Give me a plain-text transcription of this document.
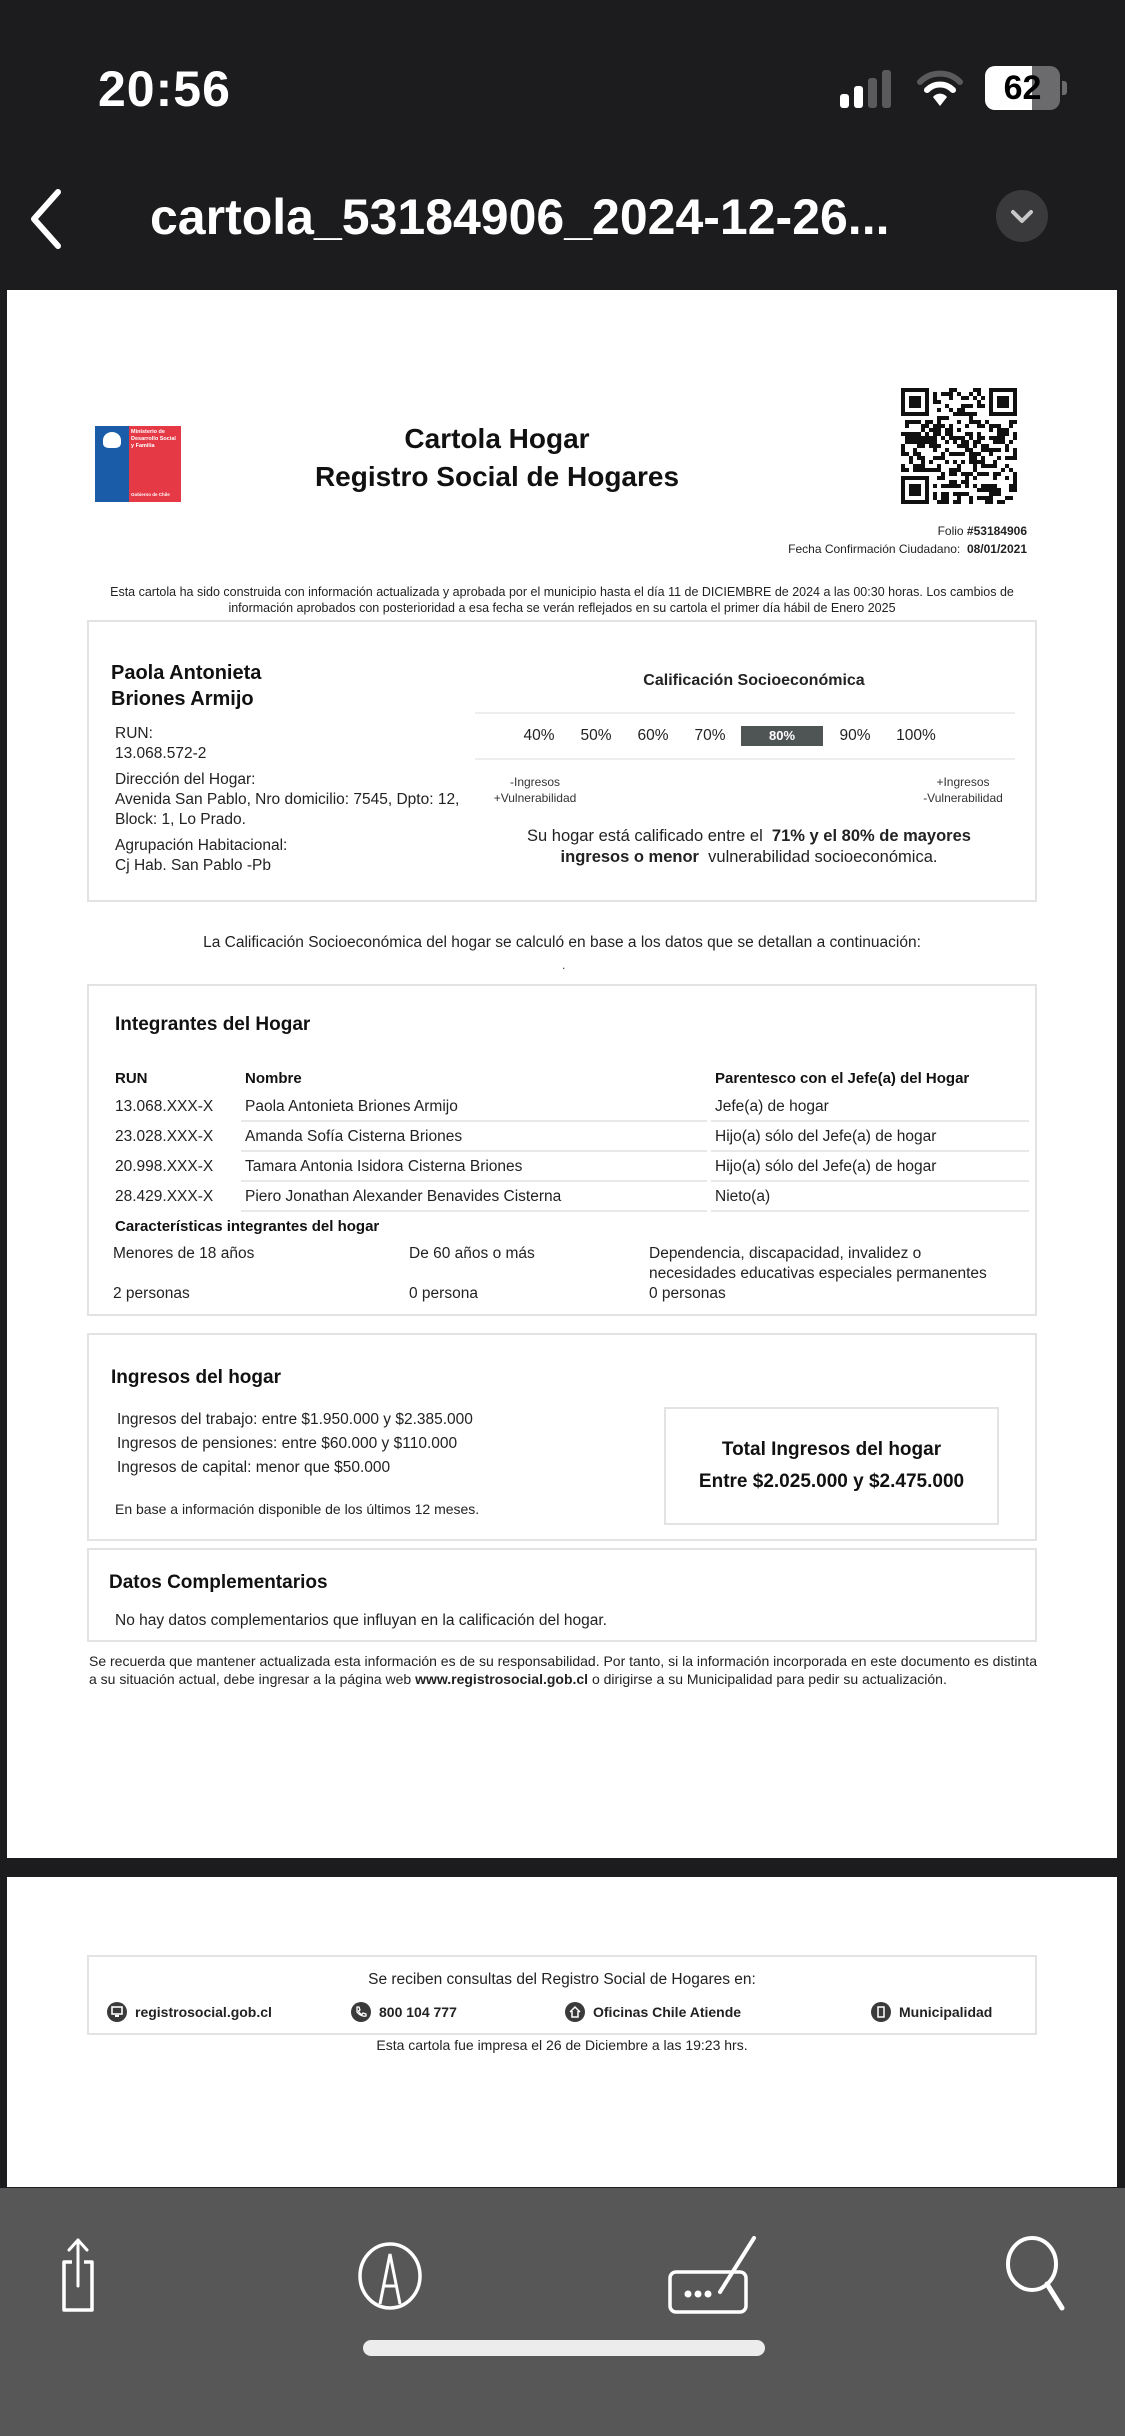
20:56	62
cartola_53184906_2024-12-26...
Ministerio de Desarrollo Social y Familia
Gobierno de Chile
Cartola Hogar
Registro Social de Hogares
Folio #53184906
Fecha Confirmación Ciudadano: 08/01/2021
Esta cartola ha sido construida con información actualizada y aprobada por el municipio hasta el día 11 de DICIEMBRE de 2024 a las 00:30 horas. Los cambios de información aprobados con posterioridad a esa fecha se verán reflejados en su cartola el primer día hábil de Enero 2025
Paola Antonieta
Briones Armijo
RUN:
13.068.572-2
Dirección del Hogar:
Avenida San Pablo, Nro domicilio: 7545, Dpto: 12, Block: 1, Lo Prado.
Agrupación Habitacional:
Cj Hab. San Pablo -Pb
Calificación Socioeconómica
40%	50%	60%	70%	80%	90%	100%
-Ingresos
+Vulnerabilidad
+Ingresos
-Vulnerabilidad
Su hogar está calificado entre el 71% y el 80% de mayores ingresos o menor vulnerabilidad socioeconómica.
La Calificación Socioeconómica del hogar se calculó en base a los datos que se detallan a continuación:
.
Integrantes del Hogar
RUN	Nombre	Parentesco con el Jefe(a) del Hogar
13.068.XXX-X Paola Antonieta Briones Armijo	Jefe(a) de hogar
23.028.XXX-X Amanda Sofía Cisterna Briones	Hijo(a) sólo del Jefe(a) de hogar
20.998.XXX-X Tamara Antonia Isidora Cisterna Briones	Hijo(a) sólo del Jefe(a) de hogar
28.429.XXX-X Piero Jonathan Alexander Benavides Cisterna	Nieto(a)
Características integrantes del hogar
Menores de 18 años
2 personas
De 60 años o más
0 persona
Dependencia, discapacidad, invalidez o
necesidades educativas especiales permanentes
0 personas
Ingresos del hogar
Ingresos del trabajo: entre $1.950.000 y $2.385.000
Ingresos de pensiones: entre $60.000 y $110.000
Ingresos de capital: menor que $50.000
En base a información disponible de los últimos 12 meses.
Total Ingresos del hogar
Entre $2.025.000 y $2.475.000
Datos Complementarios
No hay datos complementarios que influyan en la calificación del hogar.
Se recuerda que mantener actualizada esta información es de su responsabilidad. Por tanto, si la información incorporada en este documento es distinta a su situación actual, debe ingresar a la página web www.registrosocial.gob.cl o dirigirse a su Municipalidad para pedir su actualización.
Se reciben consultas del Registro Social de Hogares en:
registrosocial.gob.cl	800 104 777	Oficinas Chile Atiende	Municipalidad
Esta cartola fue impresa el 26 de Diciembre a las 19:23 hrs.
